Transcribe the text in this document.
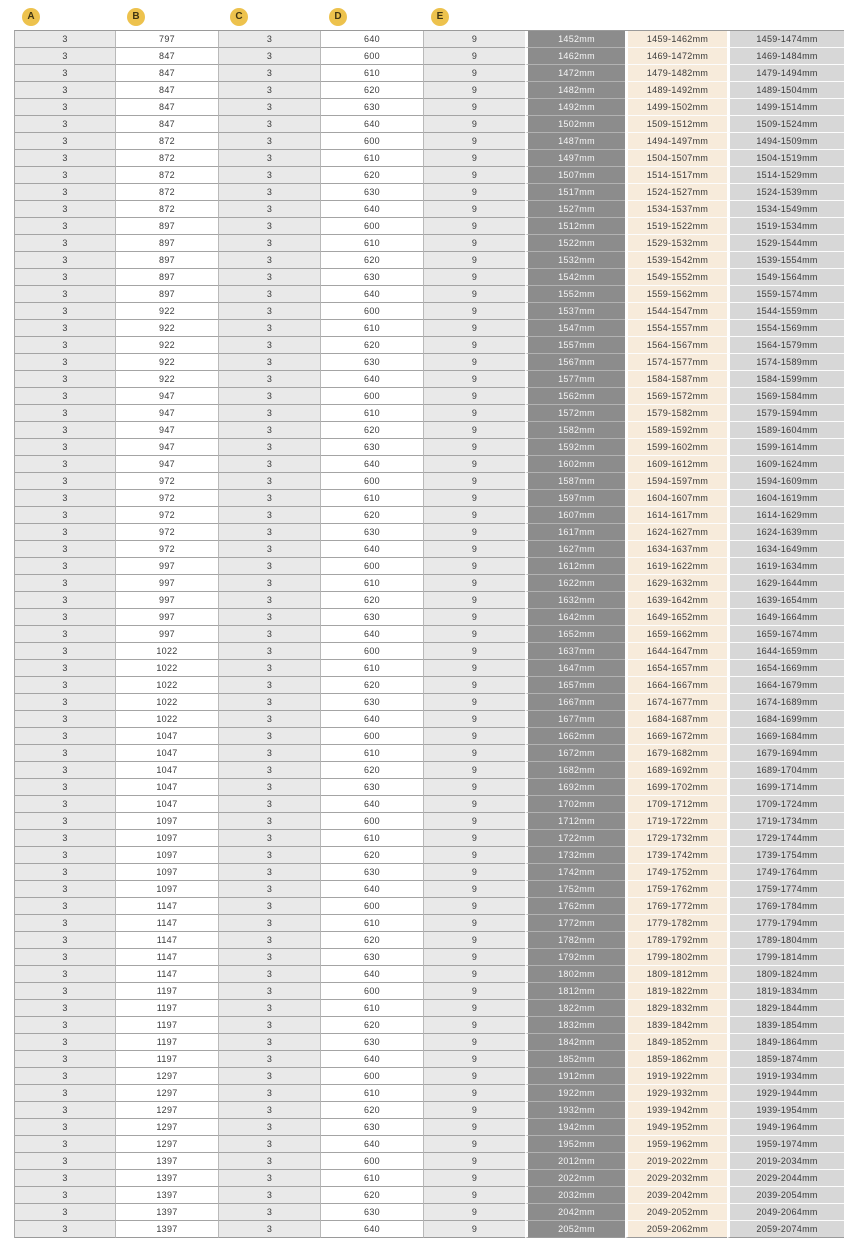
A	B	C	D	E
3	797	3	640	9	1452mm	1459-1462mm	1459-1474mm
3	847	3	600	9	1462mm	1469-1472mm	1469-1484mm
3	847	3	610	9	1472mm	1479-1482mm	1479-1494mm
3	847	3	620	9	1482mm	1489-1492mm	1489-1504mm
3	847	3	630	9	1492mm	1499-1502mm	1499-1514mm
3	847	3	640	9	1502mm	1509-1512mm	1509-1524mm
3	872	3	600	9	1487mm	1494-1497mm	1494-1509mm
3	872	3	610	9	1497mm	1504-1507mm	1504-1519mm
3	872	3	620	9	1507mm	1514-1517mm	1514-1529mm
3	872	3	630	9	1517mm	1524-1527mm	1524-1539mm
3	872	3	640	9	1527mm	1534-1537mm	1534-1549mm
3	897	3	600	9	1512mm	1519-1522mm	1519-1534mm
3	897	3	610	9	1522mm	1529-1532mm	1529-1544mm
3	897	3	620	9	1532mm	1539-1542mm	1539-1554mm
3	897	3	630	9	1542mm	1549-1552mm	1549-1564mm
3	897	3	640	9	1552mm	1559-1562mm	1559-1574mm
3	922	3	600	9	1537mm	1544-1547mm	1544-1559mm
3	922	3	610	9	1547mm	1554-1557mm	1554-1569mm
3	922	3	620	9	1557mm	1564-1567mm	1564-1579mm
3	922	3	630	9	1567mm	1574-1577mm	1574-1589mm
3	922	3	640	9	1577mm	1584-1587mm	1584-1599mm
3	947	3	600	9	1562mm	1569-1572mm	1569-1584mm
3	947	3	610	9	1572mm	1579-1582mm	1579-1594mm
3	947	3	620	9	1582mm	1589-1592mm	1589-1604mm
3	947	3	630	9	1592mm	1599-1602mm	1599-1614mm
3	947	3	640	9	1602mm	1609-1612mm	1609-1624mm
3	972	3	600	9	1587mm	1594-1597mm	1594-1609mm
3	972	3	610	9	1597mm	1604-1607mm	1604-1619mm
3	972	3	620	9	1607mm	1614-1617mm	1614-1629mm
3	972	3	630	9	1617mm	1624-1627mm	1624-1639mm
3	972	3	640	9	1627mm	1634-1637mm	1634-1649mm
3	997	3	600	9	1612mm	1619-1622mm	1619-1634mm
3	997	3	610	9	1622mm	1629-1632mm	1629-1644mm
3	997	3	620	9	1632mm	1639-1642mm	1639-1654mm
3	997	3	630	9	1642mm	1649-1652mm	1649-1664mm
3	997	3	640	9	1652mm	1659-1662mm	1659-1674mm
3	1022	3	600	9	1637mm	1644-1647mm	1644-1659mm
3	1022	3	610	9	1647mm	1654-1657mm	1654-1669mm
3	1022	3	620	9	1657mm	1664-1667mm	1664-1679mm
3	1022	3	630	9	1667mm	1674-1677mm	1674-1689mm
3	1022	3	640	9	1677mm	1684-1687mm	1684-1699mm
3	1047	3	600	9	1662mm	1669-1672mm	1669-1684mm
3	1047	3	610	9	1672mm	1679-1682mm	1679-1694mm
3	1047	3	620	9	1682mm	1689-1692mm	1689-1704mm
3	1047	3	630	9	1692mm	1699-1702mm	1699-1714mm
3	1047	3	640	9	1702mm	1709-1712mm	1709-1724mm
3	1097	3	600	9	1712mm	1719-1722mm	1719-1734mm
3	1097	3	610	9	1722mm	1729-1732mm	1729-1744mm
3	1097	3	620	9	1732mm	1739-1742mm	1739-1754mm
3	1097	3	630	9	1742mm	1749-1752mm	1749-1764mm
3	1097	3	640	9	1752mm	1759-1762mm	1759-1774mm
3	1147	3	600	9	1762mm	1769-1772mm	1769-1784mm
3	1147	3	610	9	1772mm	1779-1782mm	1779-1794mm
3	1147	3	620	9	1782mm	1789-1792mm	1789-1804mm
3	1147	3	630	9	1792mm	1799-1802mm	1799-1814mm
3	1147	3	640	9	1802mm	1809-1812mm	1809-1824mm
3	1197	3	600	9	1812mm	1819-1822mm	1819-1834mm
3	1197	3	610	9	1822mm	1829-1832mm	1829-1844mm
3	1197	3	620	9	1832mm	1839-1842mm	1839-1854mm
3	1197	3	630	9	1842mm	1849-1852mm	1849-1864mm
3	1197	3	640	9	1852mm	1859-1862mm	1859-1874mm
3	1297	3	600	9	1912mm	1919-1922mm	1919-1934mm
3	1297	3	610	9	1922mm	1929-1932mm	1929-1944mm
3	1297	3	620	9	1932mm	1939-1942mm	1939-1954mm
3	1297	3	630	9	1942mm	1949-1952mm	1949-1964mm
3	1297	3	640	9	1952mm	1959-1962mm	1959-1974mm
3	1397	3	600	9	2012mm	2019-2022mm	2019-2034mm
3	1397	3	610	9	2022mm	2029-2032mm	2029-2044mm
3	1397	3	620	9	2032mm	2039-2042mm	2039-2054mm
3	1397	3	630	9	2042mm	2049-2052mm	2049-2064mm
3	1397	3	640	9	2052mm	2059-2062mm	2059-2074mm
